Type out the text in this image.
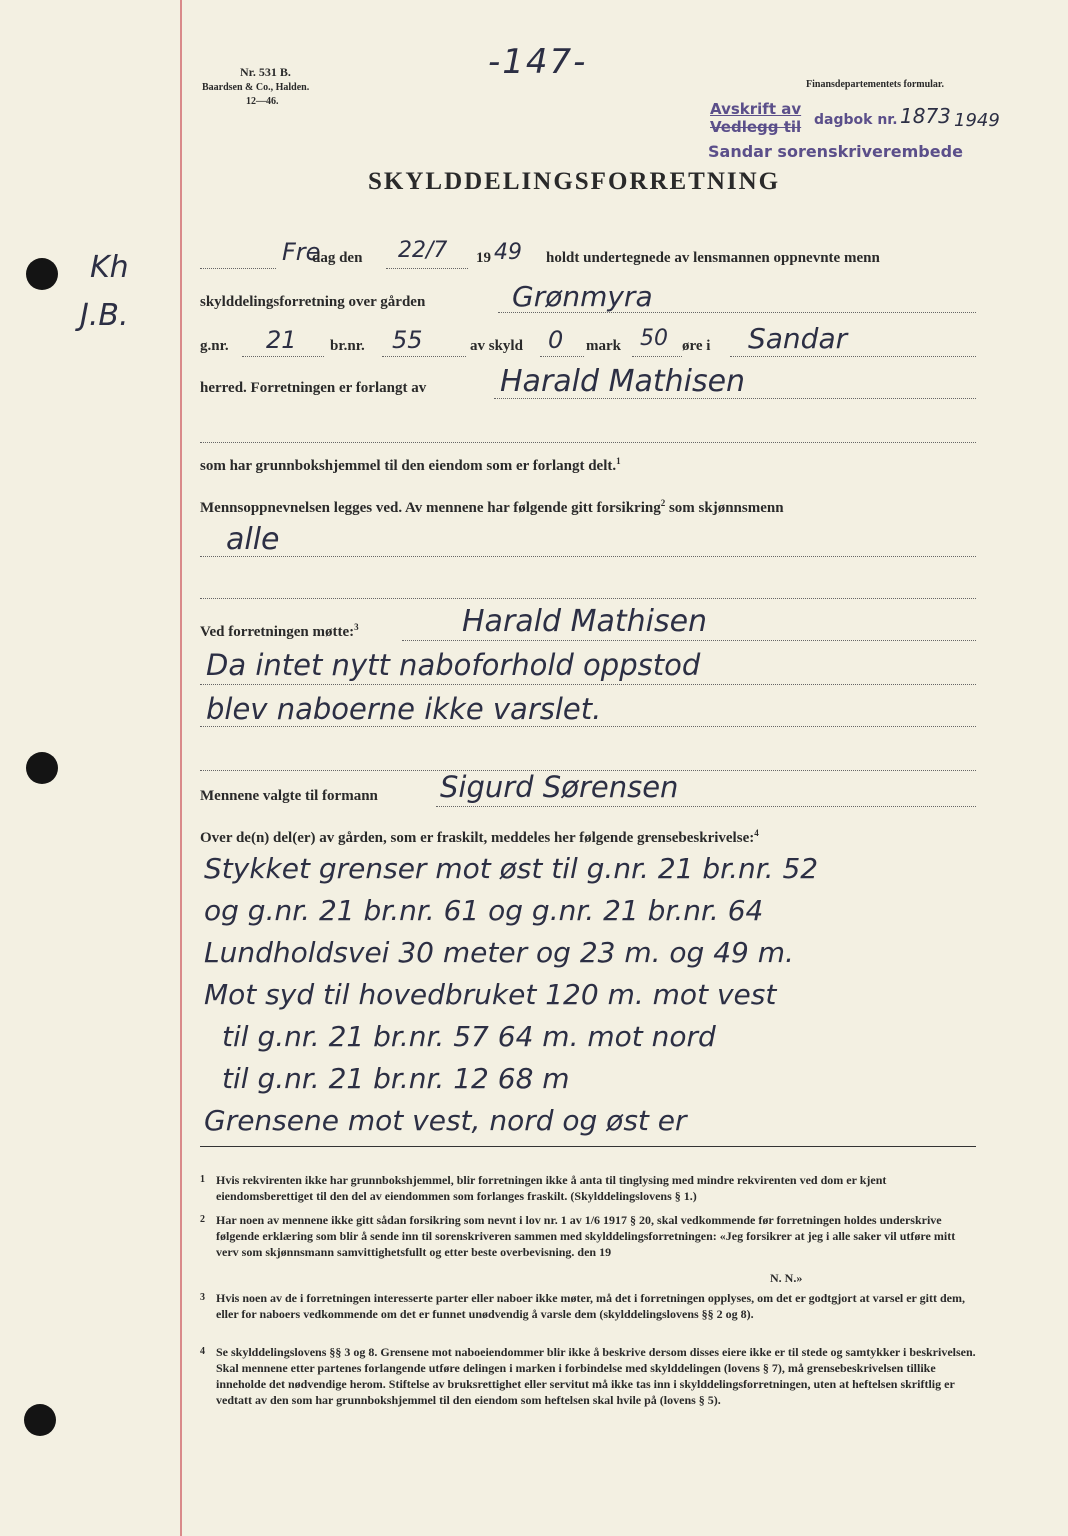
Kh
J.B.
Nr. 531 B.
Baardsen & Co., Halden.
12—46.
-147-
Finansdepartementets formular.
Avskrift av
Vedlegg til dagbok nr. 1873 1949
Sandar sorenskriverembede
SKYLDDELINGSFORRETNING
Fre
dag den 22/7 19 49 holdt undertegnede av lensmannen oppnevnte menn
skylddelingsforretning over gården	Grønmyra
g.nr. 21 br.nr. 55	av skyld 0 mark 50 øre i Sandar
herred. Forretningen er forlangt av Harald Mathisen
som har grunnbokshjemmel til den eiendom som er forlangt delt.$^1$
Mennsoppnevnelsen legges ved. Av mennene har følgende gitt forsikring$^2$ som skjønnsmenn
alle
Ved forretningen møtte:$^3$	Harald Mathisen
Da intet nytt naboforhold oppstod
blev naboerne ikke varslet.
Mennene valgte til formann Sigurd Sørensen
Over de(n) del(er) av gården, som er fraskilt, meddeles her følgende grensebeskrivelse:$^4$
Stykket grenser mot øst til g.nr. 21 br.nr. 52
og g.nr. 21 br.nr. 61 og g.nr. 21 br.nr. 64
Lundholdsvei 30 meter og 23 m. og 49 m.
Mot syd til hovedbruket 120 m. mot vest
til g.nr. 21 br.nr. 57 64 m. mot nord
til g.nr. 21 br.nr. 12 68 m
Grensene mot vest, nord og øst er
1 Hvis rekvirenten ikke har grunnbokshjemmel, blir forretningen ikke å anta til tinglysing med mindre rekvirenten ved dom er kjent eiendomsberettiget til den del av eiendommen som forlanges fraskilt. (Skylddelingslovens § 1.)
2 Har noen av mennene ikke gitt sådan forsikring som nevnt i lov nr. 1 av 1/6 1917 § 20, skal vedkommende før forretningen holdes underskrive følgende erklæring som blir å sende inn til sorenskriveren sammen med skylddelingsforretningen: «Jeg forsikrer at jeg i alle saker vil utføre mitt verv som skjønnsmann samvittighetsfullt og etter beste overbevisning. den 19
N. N.»
3 Hvis noen av de i forretningen interesserte parter eller naboer ikke møter, må det i forretningen opplyses, om det er godtgjort at varsel er gitt dem, eller for naboers vedkommende om det er funnet unødvendig å varsle dem (skylddelingslovens §§ 2 og 8).
4 Se skylddelingslovens §§ 3 og 8. Grensene mot naboeiendommer blir ikke å beskrive dersom disses eiere ikke er til stede og samtykker i beskrivelsen. Skal mennene etter partenes forlangende utføre delingen i marken i forbindelse med skylddelingen (lovens § 7), må grensebeskrivelsen tillike inneholde det nødvendige herom. Stiftelse av bruksrettighet eller servitut må ikke tas inn i skylddelingsforretningen, uten at heftelsen skriftlig er vedtatt av den som har grunnbokshjemmel til den eiendom som heftelsen skal hvile på (lovens § 5).
